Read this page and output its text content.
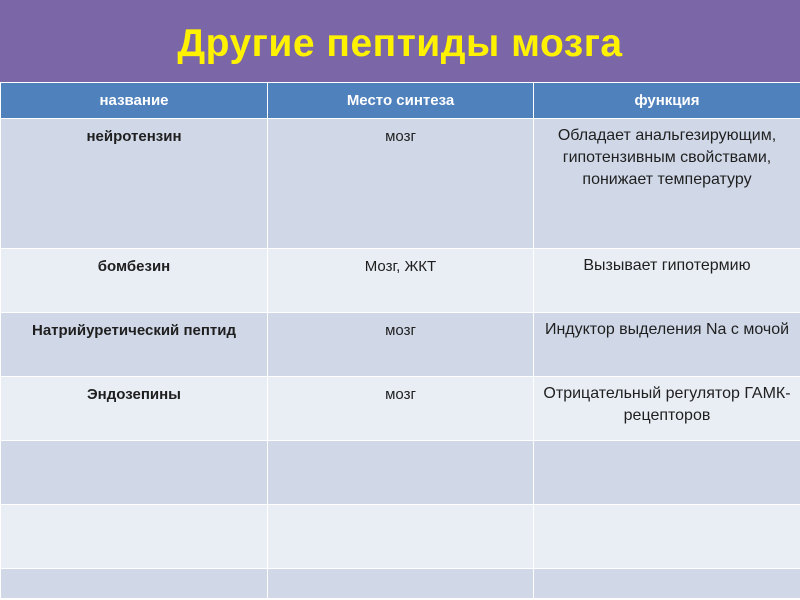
Другие пептиды мозга
название	Место синтеза	функция
нейротензин	мозг	Обладает анальгезирующим, гипотензивным свойствами, понижает температуру
бомбезин	Мозг, ЖКТ	Вызывает гипотермию
Натрийуретический пептид	мозг	Индуктор выделения Na с мочой
Эндозепины	мозг	Отрицательный регулятор ГАМК-рецепторов
